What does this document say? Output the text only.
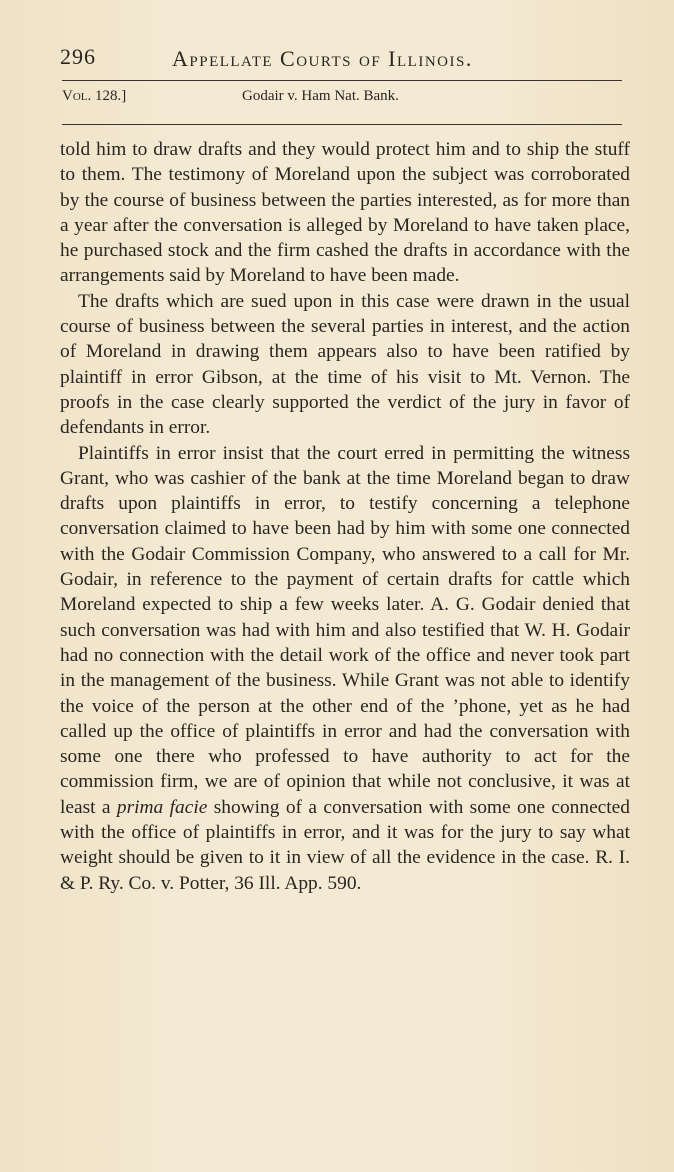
296	Appellate Courts of Illinois.
Vol. 128.]	Godair v. Ham Nat. Bank.

told him to draw drafts and they would protect him and to ship the stuff to them. The testimony of Moreland upon the subject was corroborated by the course of business between the parties interested, as for more than a year after the conversation is alleged by Moreland to have taken place, he purchased stock and the firm cashed the drafts in accordance with the arrangements said by Moreland to have been made.

The drafts which are sued upon in this case were drawn in the usual course of business between the several parties in interest, and the action of Moreland in drawing them appears also to have been ratified by plaintiff in error Gibson, at the time of his visit to Mt. Vernon. The proofs in the case clearly supported the verdict of the jury in favor of defendants in error.

Plaintiffs in error insist that the court erred in permitting the witness Grant, who was cashier of the bank at the time Moreland began to draw drafts upon plaintiffs in error, to testify concerning a telephone conversation claimed to have been had by him with some one connected with the Godair Commission Company, who answered to a call for Mr. Godair, in reference to the payment of certain drafts for cattle which Moreland expected to ship a few weeks later. A. G. Godair denied that such conversation was had with him and also testified that W. H. Godair had no connection with the detail work of the office and never took part in the management of the business. While Grant was not able to identify the voice of the person at the other end of the ’phone, yet as he had called up the office of plaintiffs in error and had the conversation with some one there who professed to have authority to act for the commission firm, we are of opinion that while not conclusive, it was at least a prima facie showing of a conversation with some one connected with the office of plaintiffs in error, and it was for the jury to say what weight should be given to it in view of all the evidence in the case. R. I. & P. Ry. Co. v. Potter, 36 Ill. App. 590.
